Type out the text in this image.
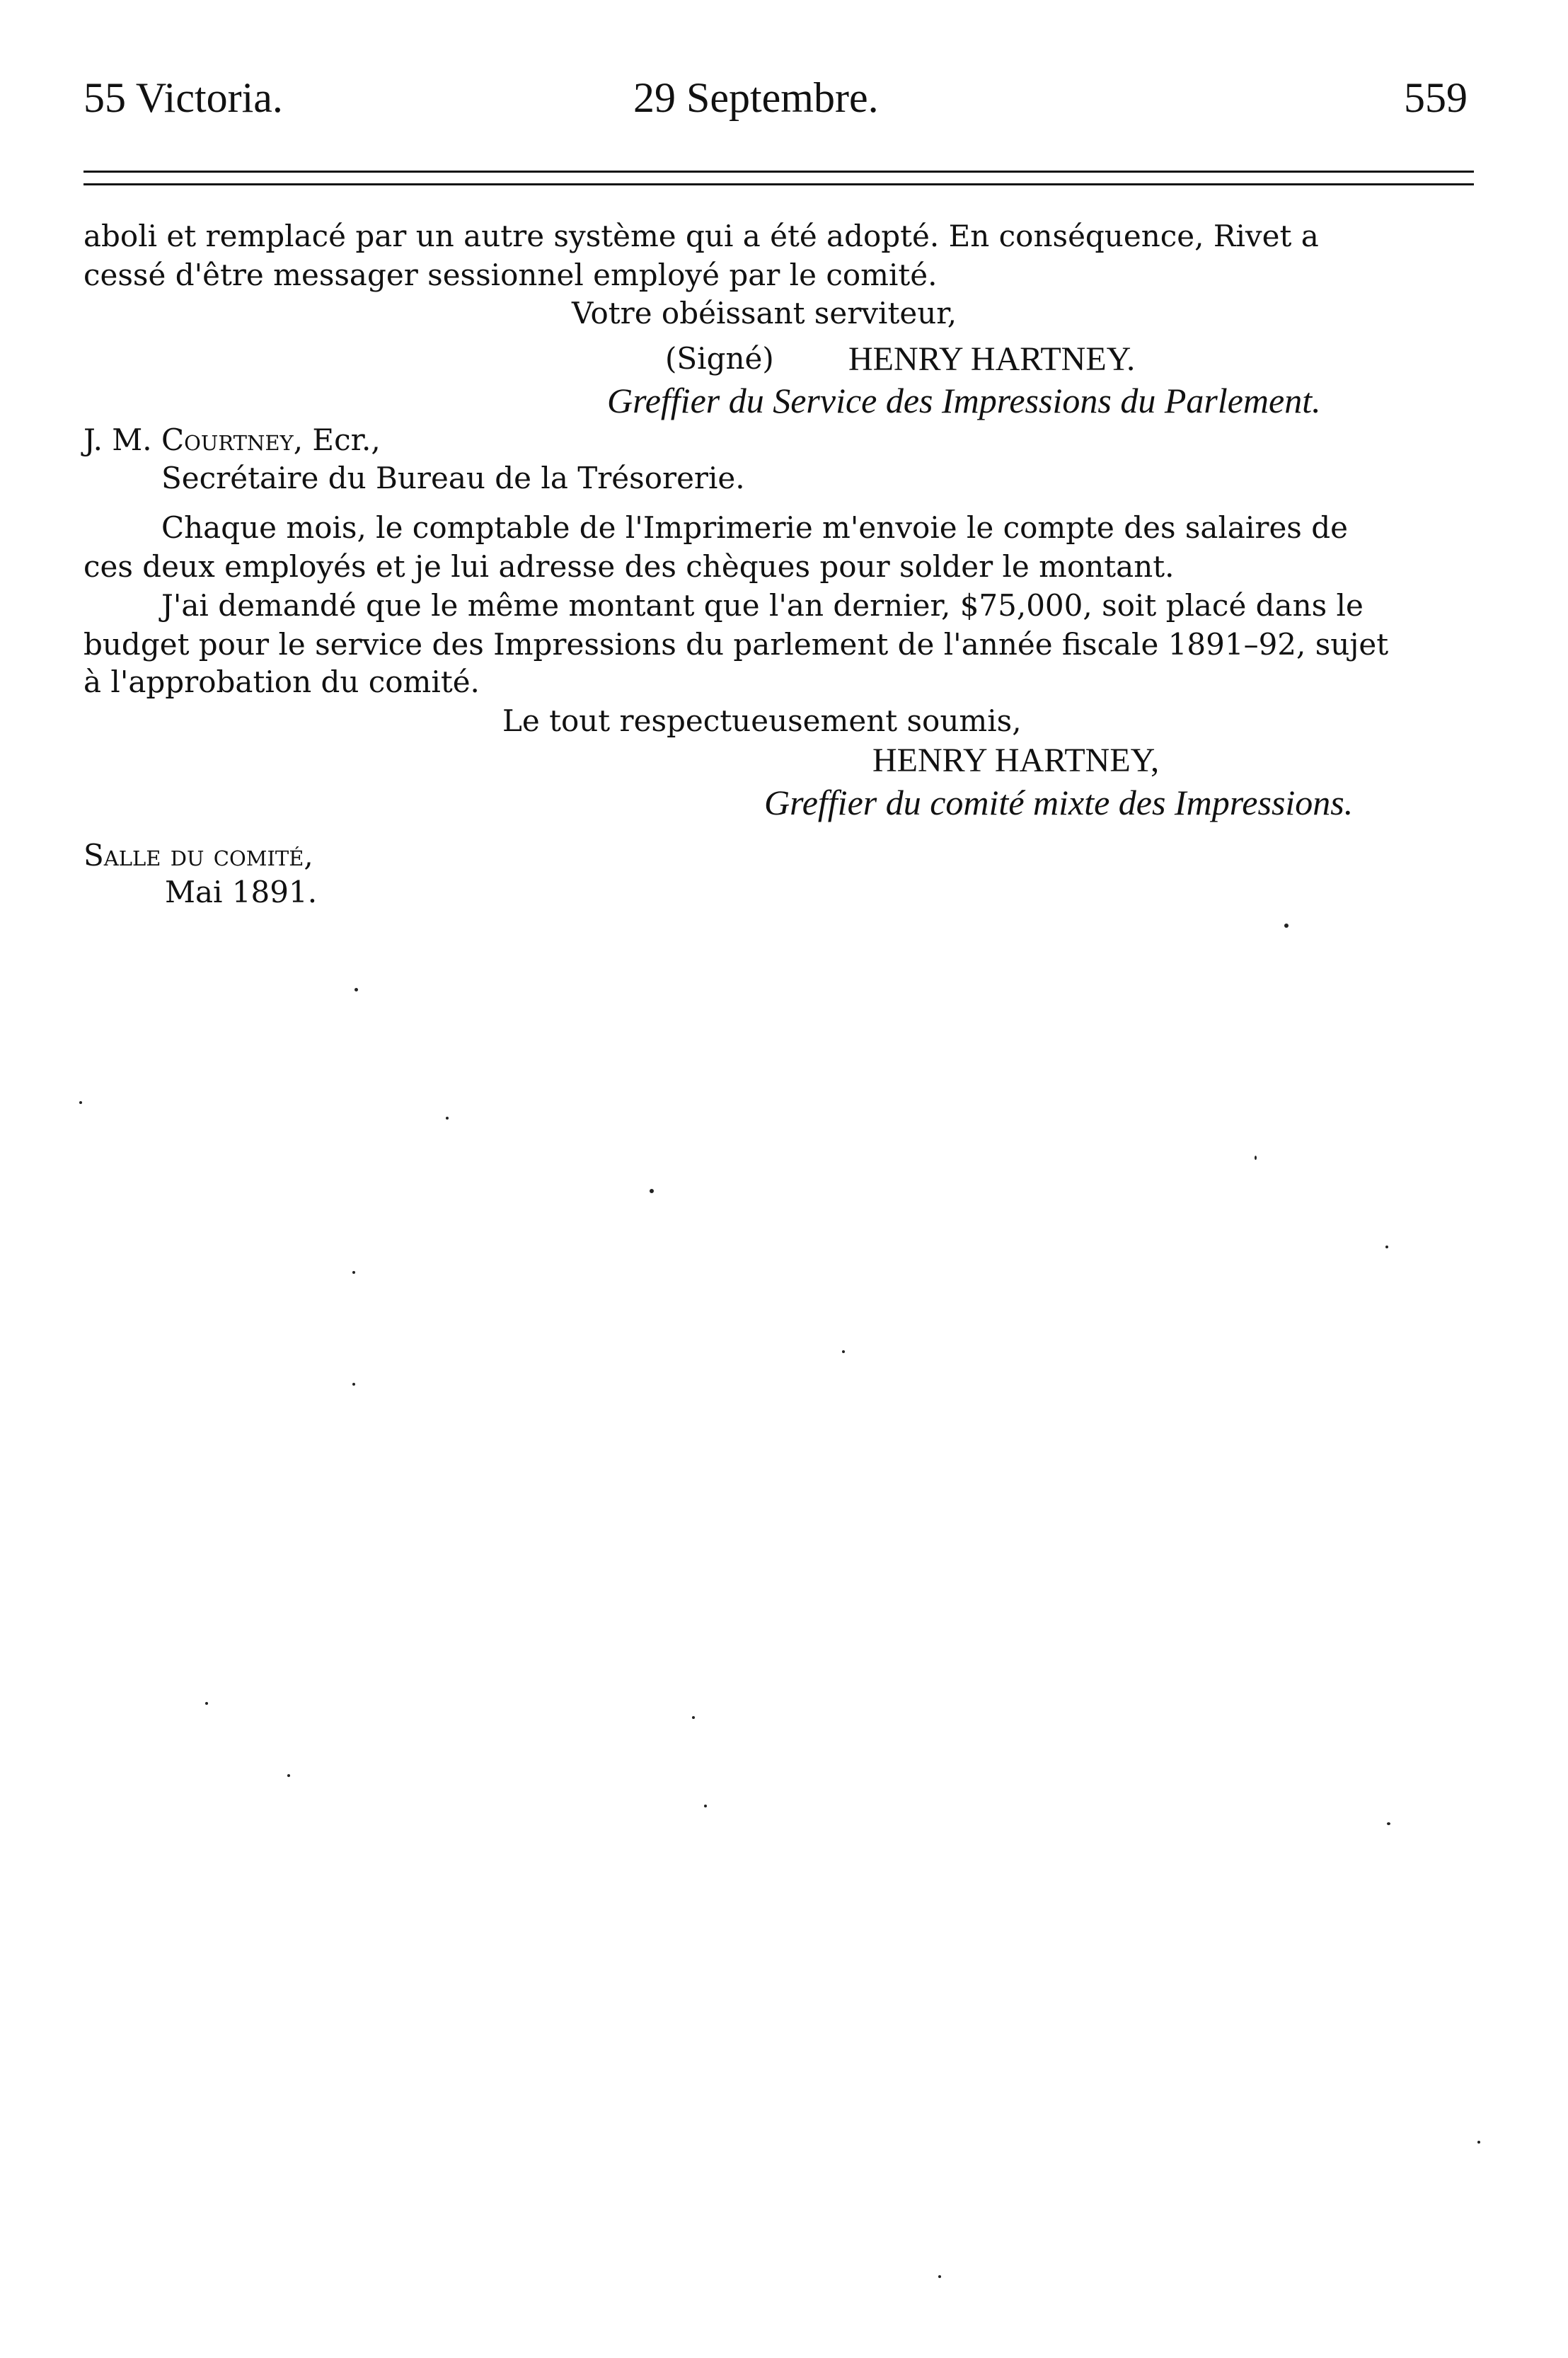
55 Victoria.	29 Septembre.	559
aboli et remplacé par un autre système qui a été adopté. En conséquence, Rivet a
cessé d'être messager sessionnel employé par le comité.
Votre obéissant serviteur,
(Signé) HENRY HARTNEY.
Greffier du Service des Impressions du Parlement.
J. M. Courtney, Ecr.,
Secrétaire du Bureau de la Trésorerie.
Chaque mois, le comptable de l'Imprimerie m'envoie le compte des salaires de
ces deux employés et je lui adresse des chèques pour solder le montant.
J'ai demandé que le même montant que l'an dernier, $75,000, soit placé dans le
budget pour le service des Impressions du parlement de l'année fiscale 1891–92, sujet
à l'approbation du comité.
Le tout respectueusement soumis,
HENRY HARTNEY,
Greffier du comité mixte des Impressions.
Salle du comité,
Mai 1891.
